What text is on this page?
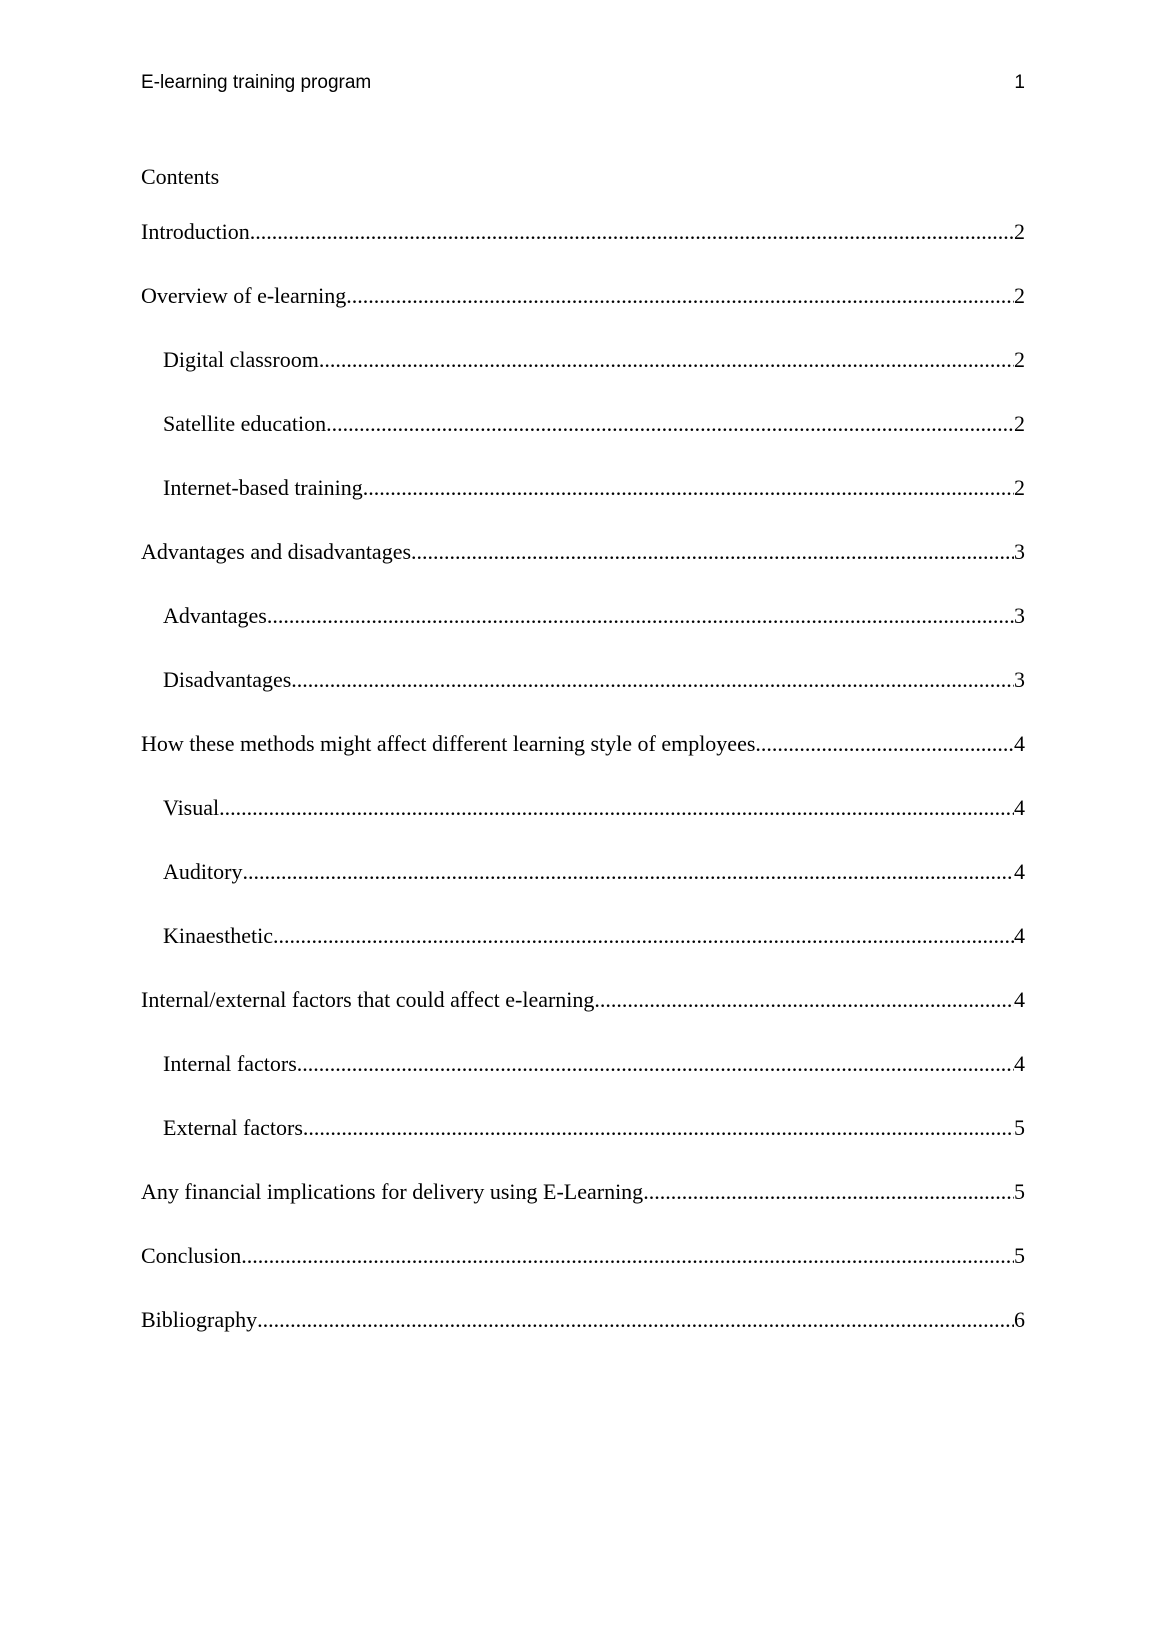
E-learning training program	1
Contents
Introduction .....	2
Overview of e-learning .....	2
Digital classroom .....	2
Satellite education .....	2
Internet-based training .....	2
Advantages and disadvantages .....	3
Advantages .....	3
Disadvantages .....	3
How these methods might affect different learning style of employees .....	4
Visual .....	4
Auditory .....	4
Kinaesthetic .....	4
Internal/external factors that could affect e-learning .....	4
Internal factors .....	4
External factors .....	5
Any financial implications for delivery using E-Learning .....	5
Conclusion .....	5
Bibliography .....	6
